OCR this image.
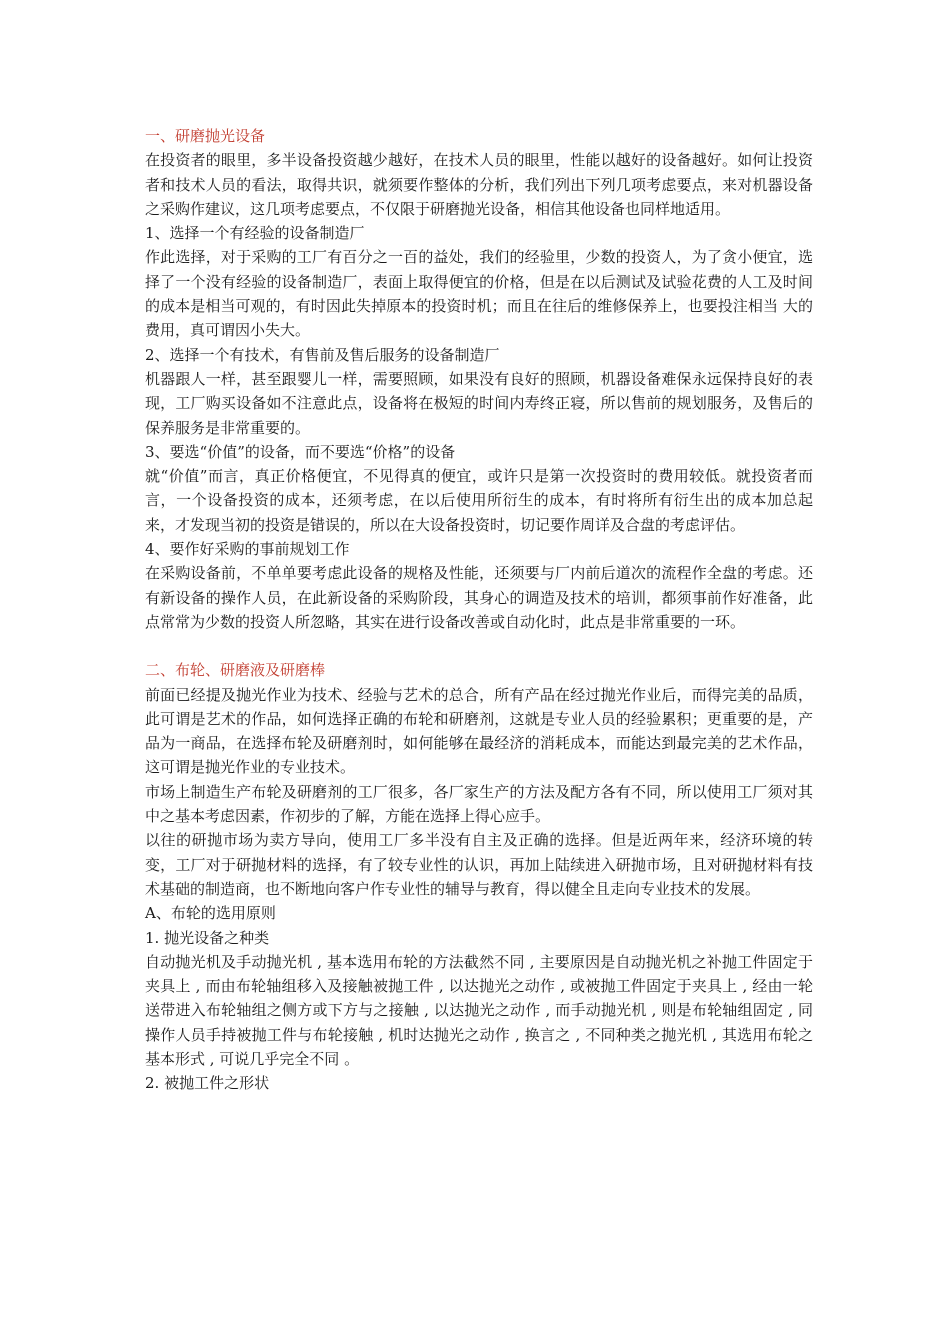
一、研磨抛光设备

在投资者的眼里，多半设备投资越少越好，在技术人员的眼里，性能以越好的设备越好。如何让投资者和技术人员的看法，取得共识，就须要作整体的分析，我们列出下列几项考虑要点，来对机器设备之采购作建议，这几项考虑要点，不仅限于研磨抛光设备，相信其他设备也同样地适用。

1、选择一个有经验的设备制造厂

作此选择，对于采购的工厂有百分之一百的益处，我们的经验里，少数的投资人，为了贪小便宜，选择了一个没有经验的设备制造厂，表面上取得便宜的价格，但是在以后测试及试验花费的人工及时间的成本是相当可观的，有时因此失掉原本的投资时机；而且在往后的维修保养上，也要投注相当 大的费用，真可谓因小失大。

2、选择一个有技术，有售前及售后服务的设备制造厂

机器跟人一样，甚至跟婴儿一样，需要照顾，如果没有良好的照顾，机器设备难保永远保持良好的表现，工厂购买设备如不注意此点，设备将在极短的时间内寿终正寝，所以售前的规划服务，及售后的保养服务是非常重要的。

3、要选“价值”的设备，而不要选“价格”的设备

就“价值”而言，真正价格便宜，不见得真的便宜，或许只是第一次投资时的费用较低。就投资者而言，一个设备投资的成本，还须考虑，在以后使用所衍生的成本，有时将所有衍生出的成本加总起来，才发现当初的投资是错误的，所以在大设备投资时，切记要作周详及合盘的考虑评估。

4、要作好采购的事前规划工作

在采购设备前，不单单要考虑此设备的规格及性能，还须要与厂内前后道次的流程作全盘的考虑。还有新设备的操作人员，在此新设备的采购阶段，其身心的调造及技术的培训，都须事前作好准备，此点常常为少数的投资人所忽略，其实在进行设备改善或自动化时，此点是非常重要的一环。

二、布轮、研磨液及研磨棒

前面已经提及抛光作业为技术、经验与艺术的总合，所有产品在经过抛光作业后，而得完美的品质，此可谓是艺术的作品，如何选择正确的布轮和研磨剂，这就是专业人员的经验累积；更重要的是，产品为一商品，在选择布轮及研磨剂时，如何能够在最经济的消耗成本，而能达到最完美的艺术作品，这可谓是抛光作业的专业技术。

市场上制造生产布轮及研磨剂的工厂很多，各厂家生产的方法及配方各有不同，所以使用工厂须对其中之基本考虑因素，作初步的了解，方能在选择上得心应手。

以往的研抛市场为卖方导向，使用工厂多半没有自主及正确的选择。但是近两年来，经济环境的转变，工厂对于研抛材料的选择，有了较专业性的认识，再加上陆续进入研抛市场，且对研抛材料有技术基础的制造商，也不断地向客户作专业性的辅导与教育，得以健全且走向专业技术的发展。

A、布轮的选用原则

1. 抛光设备之种类

自动抛光机及手动抛光机 , 基本选用布轮的方法截然不同 , 主要原因是自动抛光机之补抛工件固定于夹具上 , 而由布轮轴组移入及接触被抛工件 , 以达抛光之动作 , 或被抛工件固定于夹具上 , 经由一轮送带进入布轮轴组之侧方或下方与之接触 , 以达抛光之动作 , 而手动抛光机 , 则是布轮轴组固定 , 同操作人员手持被抛工件与布轮接触 , 机时达抛光之动作 , 换言之 , 不同种类之抛光机 , 其选用布轮之基本形式 , 可说几乎完全不同 。

2. 被抛工件之形状
